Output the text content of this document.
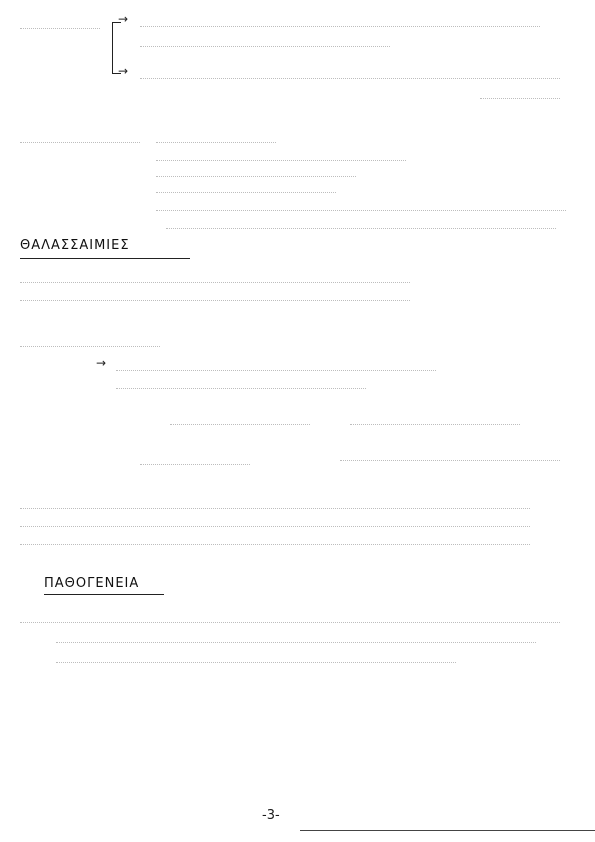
→
→
ΘΑΛΑΣΣΑΙΜΙΕΣ
→
ΠΑΘΟΓΕΝΕΙΑ
-3-
